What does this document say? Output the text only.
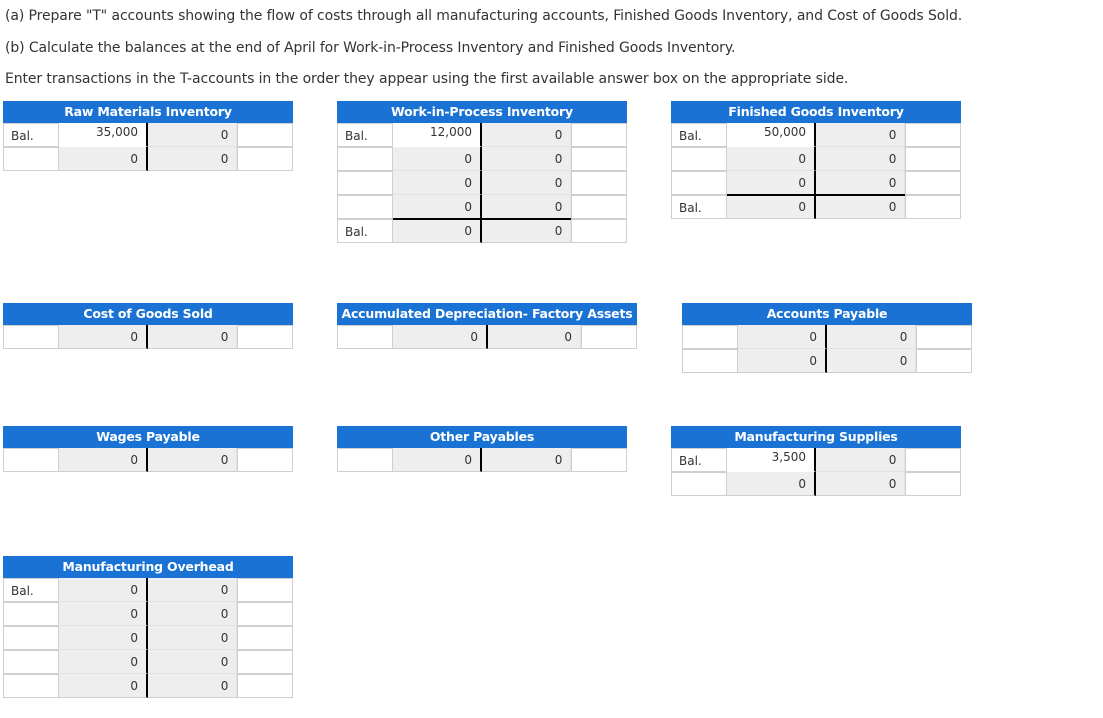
(a) Prepare "T" accounts showing the flow of costs through all manufacturing accounts, Finished Goods Inventory, and Cost of Goods Sold.

(b) Calculate the balances at the end of April for Work-in-Process Inventory and Finished Goods Inventory.

Enter transactions in the T-accounts in the order they appear using the first available answer box on the appropriate side.

Raw Materials Inventory
Bal.	35,000	0
0	0
Work-in-Process Inventory
Bal.	12,000	0
0	0
0	0
0	0
Bal.	0	0
Finished Goods Inventory
Bal.	50,000	0
0	0
0	0
Bal.	0	0
Cost of Goods Sold
0	0
Accumulated Depreciation- Factory Assets
0	0
Accounts Payable
0	0
0	0
Wages Payable
0	0
Other Payables
0	0
Manufacturing Supplies
Bal.	3,500	0
0	0
Manufacturing Overhead
Bal.	0	0
0	0
0	0
0	0
0	0
